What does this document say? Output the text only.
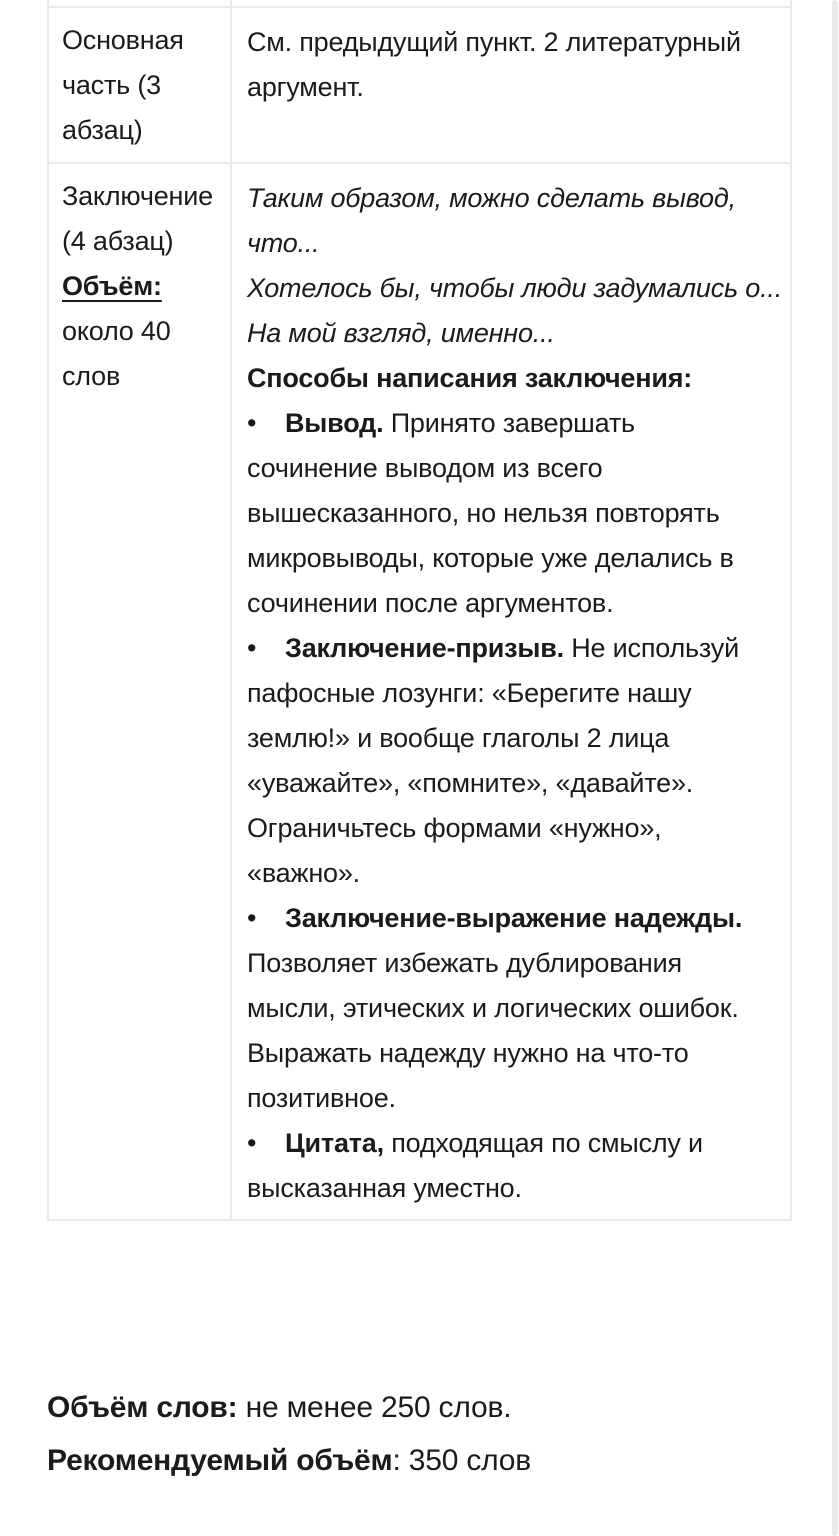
Основная
часть (3
абзац)
См. предыдущий пункт. 2 литературный
аргумент.
Заключение
(4 абзац)
Объём:
около 40
слов
Таким образом, можно сделать вывод,
что...
Хотелось бы, чтобы люди задумались о...
На мой взгляд, именно...
Способы написания заключения:
• Вывод. Принято завершать
сочинение выводом из всего
вышесказанного, но нельзя повторять
микровыводы, которые уже делались в
сочинении после аргументов.
• Заключение-призыв. Не используй
пафосные лозунги: «Берегите нашу
землю!» и вообще глаголы 2 лица
«уважайте», «помните», «давайте».
Ограничьтесь формами «нужно»,
«важно».
• Заключение-выражение надежды.
Позволяет избежать дублирования
мысли, этических и логических ошибок.
Выражать надежду нужно на что-то
позитивное.
• Цитата, подходящая по смыслу и
высказанная уместно.
Объём слов: не менее 250 слов.
Рекомендуемый объём: 350 слов
